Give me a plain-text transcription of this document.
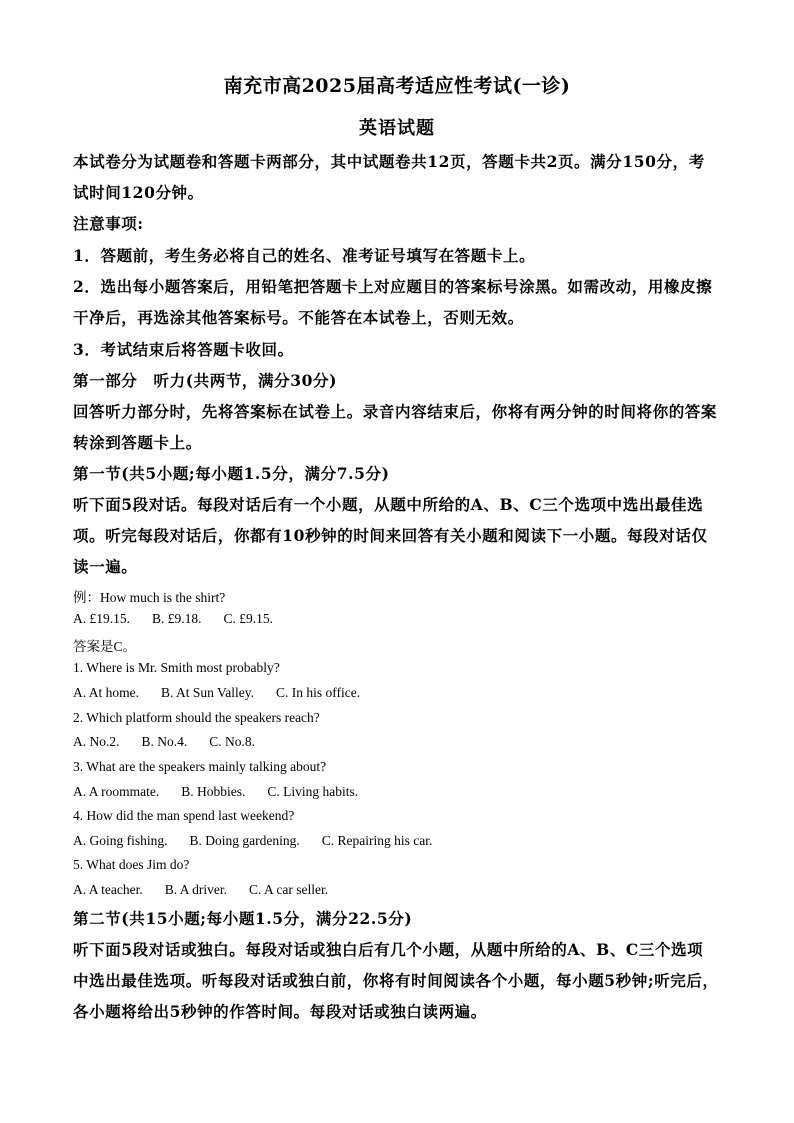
南充市高2025届高考适应性考试(一诊)
英语试题
本试卷分为试题卷和答题卡两部分，其中试题卷共12页，答题卡共2页。满分150分，考
试时间120分钟。
注意事项:
1．答题前，考生务必将自己的姓名、准考证号填写在答题卡上。
2．选出每小题答案后，用铅笔把答题卡上对应题目的答案标号涂黑。如需改动，用橡皮擦
干净后，再选涂其他答案标号。不能答在本试卷上，否则无效。
3．考试结束后将答题卡收回。
第一部分　听力(共两节，满分30分)
回答听力部分时，先将答案标在试卷上。录音内容结束后，你将有两分钟的时间将你的答案
转涂到答题卡上。
第一节(共5小题;每小题1.5分，满分7.5分)
听下面5段对话。每段对话后有一个小题，从题中所给的A、B、C三个选项中选出最佳选
项。听完每段对话后，你都有10秒钟的时间来回答有关小题和阅读下一小题。每段对话仅
读一遍。
例：How much is the shirt?
A. £19.15. B. £9.18. C. £9.15.
答案是C。
1. Where is Mr. Smith most probably?
A. At home. B. At Sun Valley. C. In his office.
2. Which platform should the speakers reach?
A. No.2. B. No.4. C. No.8.
3. What are the speakers mainly talking about?
A. A roommate. B. Hobbies. C. Living habits.
4. How did the man spend last weekend?
A. Going fishing. B. Doing gardening. C. Repairing his car.
5. What does Jim do?
A. A teacher. B. A driver. C. A car seller.
第二节(共15小题;每小题1.5分，满分22.5分)
听下面5段对话或独白。每段对话或独白后有几个小题，从题中所给的A、B、C三个选项
中选出最佳选项。听每段对话或独白前，你将有时间阅读各个小题，每小题5秒钟;听完后，
各小题将给出5秒钟的作答时间。每段对话或独白读两遍。
